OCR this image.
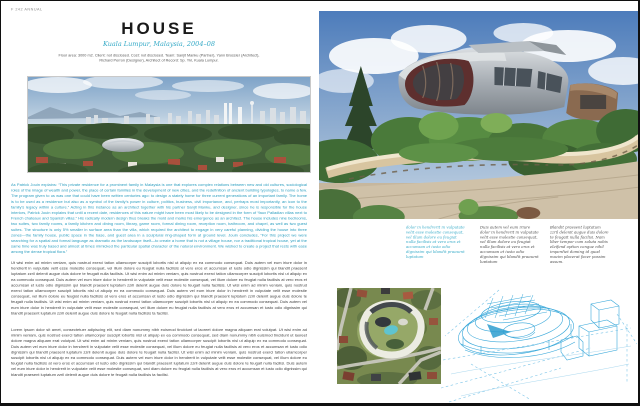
F 242 ANNUAL
HOUSE
Kuala Lumpur, Malaysia, 2004–08
Floor area: 3000 m2. Client: not disclosed. Cost: not disclosed. Team: Sanjit Manku (Partner), Yann Brossier (Architect),
Richard Perron (Designer), Architect of Record: Sp. Ykl, Kuala Lumpur.
As Patrick Jouin explains: “This private residence for a prominent family in Malaysia is one that explores complex relations between new and old cultures, sociological roles of the image of wealth and power, the place of certain families in the development of new cities, and the redefinition of ancient building typologies, to name a few. The program given to us was one that could have been written centuries ago: to design a stately home for three current generations of an important family. The home is to be used as a residence but also as a symbol of the family’s power in culture, politics, business, civil importance, and, perhaps most importantly, an icon to the family’s legacy within a culture.” Acting in this instance as an architect together with his partner Sanjit Manku, and designer, since he is responsible for the house interiors, Patrick Jouin explains that until a recent date, residences of this nature might have been most likely to be designed in the form of “faux Palladian villas next to French chateaux and Spanish villas.” His radically modern design thus breaks the mold and marks his emergence as an architect. The house includes nine bedrooms, two suites, two family rooms, a family kitchen and dining room, library, game room, formal dining room, reception room, bathroom, and chapel, as well as two guest suites. The structure is only 5% smaller in surface area than the villa, which required the architect to engage in very careful planning, dividing the house into three zones—the family house, public space in the base, and guest area in a sculptural ring-shaped form at ground level. Jouin concludes, “For this project we were searching for a spatial and formal language as dramatic as the landscape itself—to create a home that is not a village house, nor a traditional tropical house, yet at the same time was truly based and almost at times mimicked the particular spatial character of the natural environment. We wished to create a project that rests with ease among the dense tropical flora.”
Ut wisi enim ad minim veniam, quis nostrud exerci tation ullamcorper suscipit lobortis nisl ut aliquip ex ea commodo consequat. Duis autem vel eum iriure dolor in hendrerit in vulputate velit esse molestie consequat, vel illum dolore eu feugiat nulla facilisis at vero eros et accumsan et iusto odio dignissim qui blandit praesent luptatum zzril delenit augue duis dolore te feugait nulla facilisis. Ut wisi enim ad minim veniam, quis nostrud exerci tation ullamcorper suscipit lobortis nisl ut aliquip ex ea commodo consequat. Duis autem vel eum iriure dolor in hendrerit in vulputate velit esse molestie consequat, vel illum dolore eu feugiat nulla facilisis at vero eros et accumsan et iusto odio dignissim qui blandit praesent luptatum zzril delenit augue duis dolore te feugait nulla facilisis. Ut wisi enim ad minim veniam, quis nostrud exerci tation ullamcorper suscipit lobortis nisl ut aliquip ex ea commodo consequat. Duis autem vel eum iriure dolor in hendrerit in vulputate velit esse molestie consequat, vel illum dolore eu feugiat nulla facilisis at vero eros et accumsan et iusto odio dignissim qui blandit praesent luptatum zzril delenit augue duis dolore te feugait nulla facilisis. Ut wisi enim ad minim veniam, quis nostrud exerci tation ullamcorper suscipit lobortis nisl ut aliquip ex ea commodo consequat. Duis autem vel eum iriure dolor in hendrerit in vulputate velit esse molestie consequat, vel illum dolore eu feugiat nulla facilisis at vero eros et accumsan et iusto odio dignissim qui blandit praesent luptatum zzril delenit augue duis dolore te feugait nulla facilisis ta facilisi.
Lorem ipsum dolor sit amet, consectetuer adipiscing elit, sed diam nonummy nibh euismod tincidunt ut laoreet dolore magna aliquam erat volutpat. Ut wisi enim ad minim veniam, quis nostrud exerci tation ullamcorper suscipit lobortis nisl ut aliquip ex ea commodo consequat, sed diam nonummy nibh euismod tincidunt ut laoreet dolore magna aliquam erat volutpat. Ut wisi enim ad minim veniam, quis nostrud exerci tation ullamcorper suscipit lobortis nisl ut aliquip ex ea commodo consequat. Duis autem vel eum iriure dolor in hendrerit in vulputate velit esse molestie consequat, vel illum dolore eu feugiat nulla facilisis at vero eros et accumsan et iusto odio dignissim qui blandit praesent luptatum zzril delenit augue duis dolore te feugait nulla facilisi. Ut wisi enim ad minim veniam, quis nostrud exerci tation ullamcorper suscipit lobortis nisl ut aliquip ex ea commodo consequat. Duis autem vel eum iriure dolor in hendrerit in vulputate velit esse molestie consequat, vel illum dolore eu feugiat nulla facilisis at vero eros et accumsan et iusto odio dignissim qui blandit praesent luptatum zzril delenit augue duis dolore te feugait nulla facilisi. Duis autem vel eum iriure dolor in hendrerit in vulputate velit esse molestie consequat, sed diam dolore eu feugiat nulla facilisis at vero eros et accumsan et iusto odio dignissim qui blandit praesent luptatum zzril delenit augue duis dolore te feugait nulla facilisis ta facilisi.
dolor in hendrerit in vulputate velit esse molestie consequat, vel illum dolore eu feugiat nulla facilisis at vero eros et accumsan et iusto odio dignissim qui blandit praesent luptatum
Duis autem vel eum iriure dolor in hendrerit in vulputate velit esse molestie consequat, vel illum dolore eu feugiat nulla facilisis at vero eros et accumsan et iusto odio dignissim qui blandit praesent luptatum
Blandit praesent luptatum zzril delenit augue duis dolore te feugait nulla facilisi. Nam liber tempor cum soluta nobis eleifend option congue nihil imperdiet doming id quod mazim placerat facer possim assum.
